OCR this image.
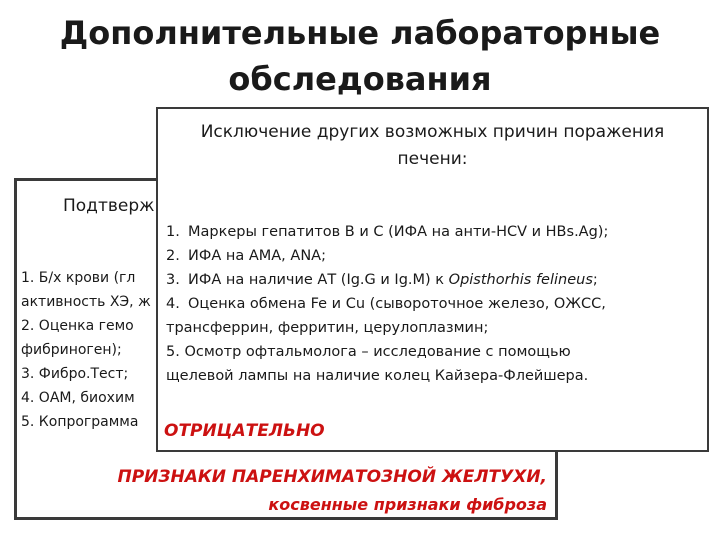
Дополнительные лабораторные
обследования
Подтверж
1. Б/х крови (гл
активность ХЭ, ж
2. Оценка гемо
фибриноген);
3. Фибро.Тест;
4. ОАМ, биохим
5. Копрограмма
ПРИЗНАКИ ПАРЕНХИМАТОЗНОЙ ЖЕЛТУХИ,
косвенные признаки фиброза
Исключение других возможных причин поражения
печени:
1. Маркеры гепатитов В и С (ИФА на анти-HCV и HBs.Ag);
2. ИФА на АМА, ANA;
3. ИФА на наличие АТ (Ig.G и Ig.M) к Opisthorhis felineus;
4. Оценка обмена Fe и Cu (сывороточное железо, ОЖСС,
трансферрин, ферритин, церулоплазмин;
5. Осмотр офтальмолога – исследование с помощью
щелевой лампы на наличие колец Кайзера-Флейшера.
ОТРИЦАТЕЛЬНО
